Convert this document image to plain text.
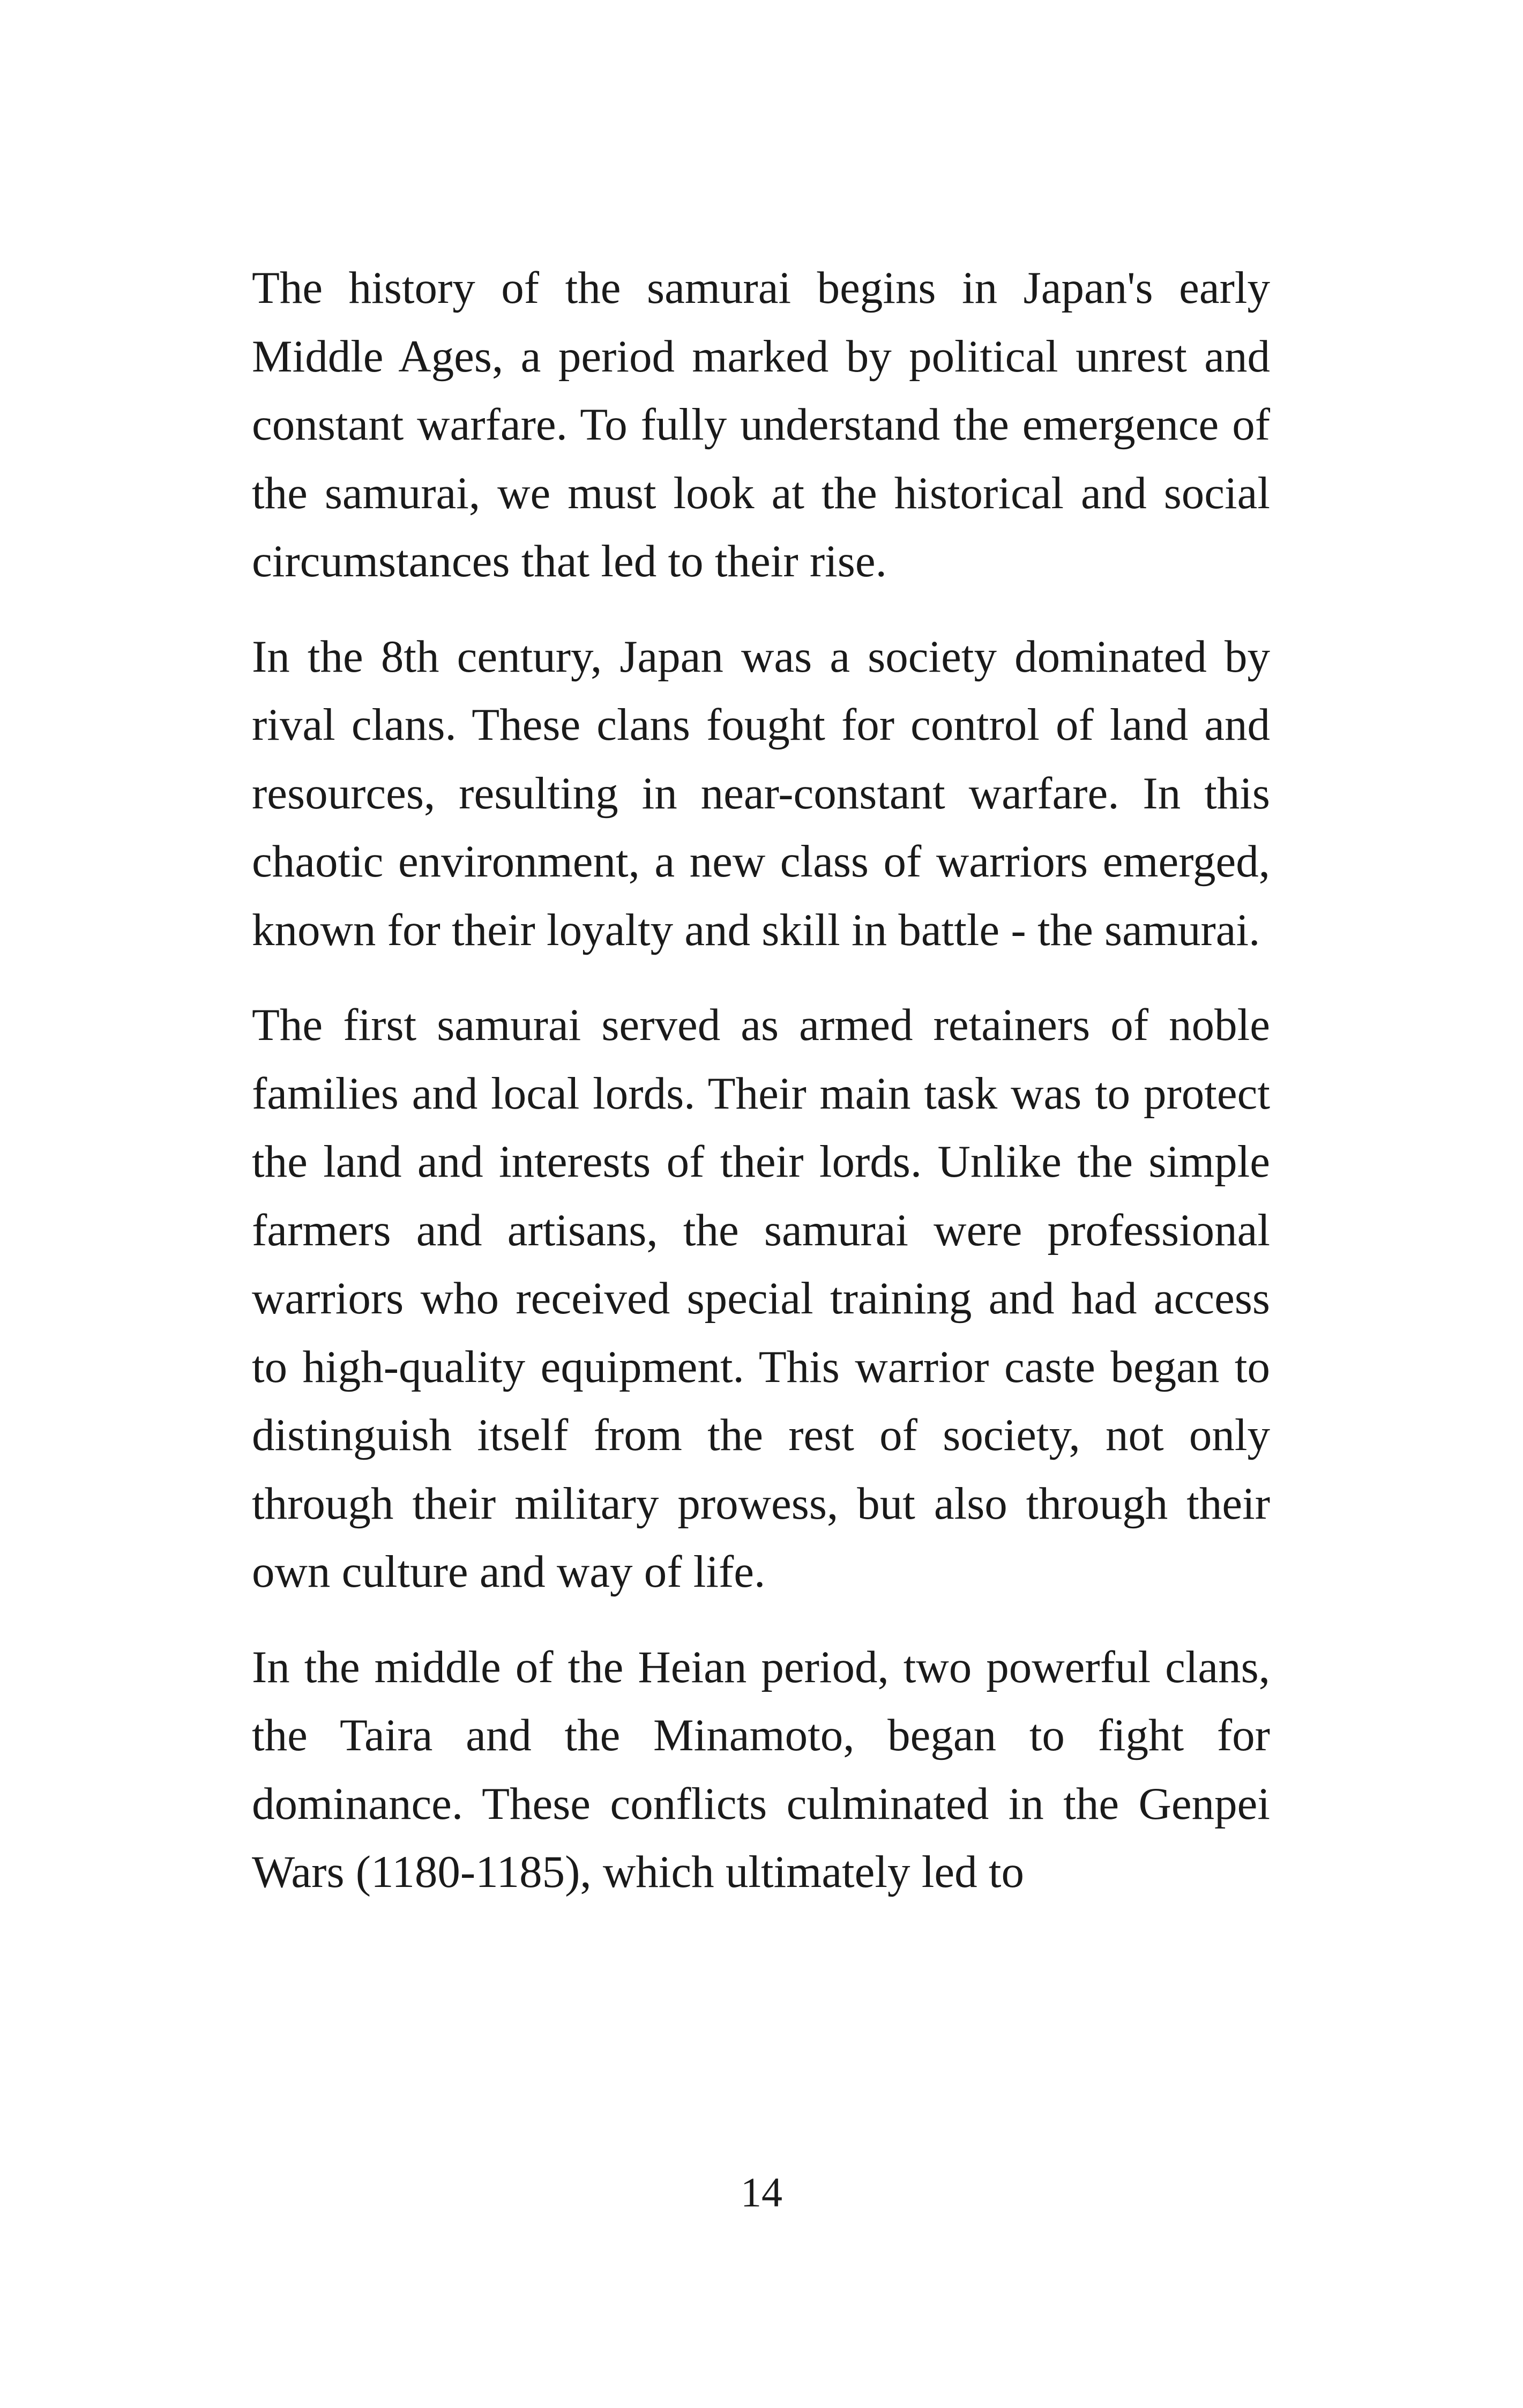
The history of the samurai begins in Japan's early Middle Ages, a period marked by political unrest and constant warfare. To fully understand the emergence of the samurai, we must look at the historical and social circumstances that led to their rise.

In the 8th century, Japan was a society dominated by rival clans. These clans fought for control of land and resources, resulting in near-constant warfare. In this chaotic environment, a new class of warriors emerged, known for their loyalty and skill in battle - the samurai.

The first samurai served as armed retainers of noble families and local lords. Their main task was to protect the land and interests of their lords. Unlike the simple farmers and artisans, the samurai were professional warriors who received special training and had access to high-quality equipment. This warrior caste began to distinguish itself from the rest of society, not only through their military prowess, but also through their own culture and way of life.

In the middle of the Heian period, two powerful clans, the Taira and the Minamoto, began to fight for dominance. These conflicts culminated in the Genpei Wars (1180-1185), which ultimately led to

14
